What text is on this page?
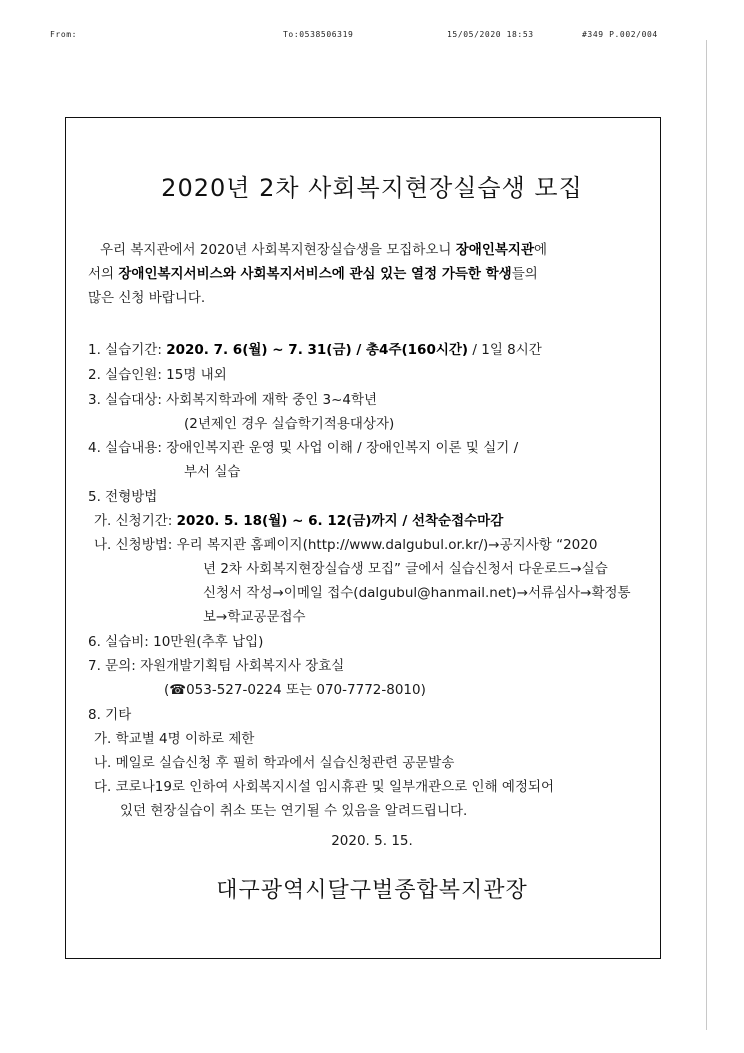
From:	To:0538506319	15/05/2020 18:53	#349 P.002/004
2020년 2차 사회복지현장실습생 모집
우리 복지관에서 2020년 사회복지현장실습생을 모집하오니 장애인복지관에
서의 장애인복지서비스와 사회복지서비스에 관심 있는 열정 가득한 학생들의
많은 신청 바랍니다.
1. 실습기간: 2020. 7. 6(월) ~ 7. 31(금) / 총4주(160시간) / 1일 8시간
2. 실습인원: 15명 내외
3. 실습대상: 사회복지학과에 재학 중인 3~4학년
(2년제인 경우 실습학기적용대상자)
4. 실습내용: 장애인복지관 운영 및 사업 이해 / 장애인복지 이론 및 실기 /
부서 실습
5. 전형방법
가. 신청기간: 2020. 5. 18(월) ~ 6. 12(금)까지 / 선착순접수마감
나. 신청방법: 우리 복지관 홈페이지(http://www.dalgubul.or.kr/)→공지사항 “2020
년 2차 사회복지현장실습생 모집” 글에서 실습신청서 다운로드→실습
신청서 작성→이메일 접수(dalgubul@hanmail.net)→서류심사→확정통
보→학교공문접수
6. 실습비: 10만원(추후 납입)
7. 문의: 자원개발기획팀 사회복지사 장효실
(☎053-527-0224 또는 070-7772-8010)
8. 기타
가. 학교별 4명 이하로 제한
나. 메일로 실습신청 후 필히 학과에서 실습신청관련 공문발송
다. 코로나19로 인하여 사회복지시설 임시휴관 및 일부개관으로 인해 예정되어
있던 현장실습이 취소 또는 연기될 수 있음을 알려드립니다.
2020. 5. 15.
대구광역시달구벌종합복지관장
